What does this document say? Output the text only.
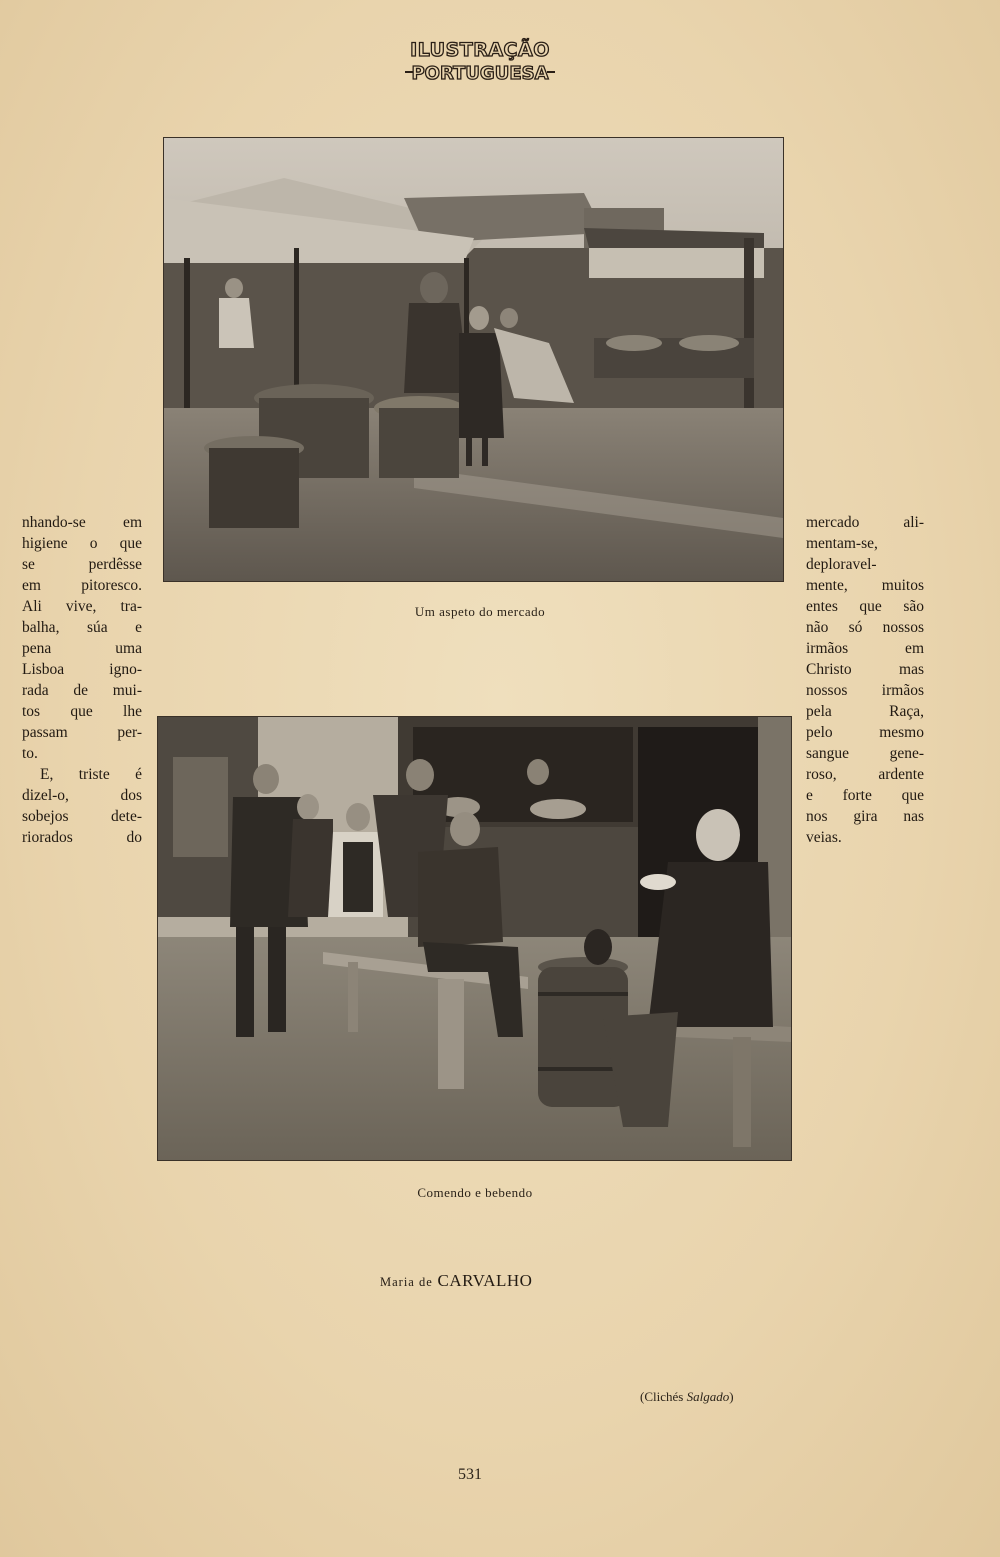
ILUSTRAÇÃO
PORTUGUESA
Um aspeto do mercado
Comendo e bebendo
nhando-se em
higiene o que
se perdêsse
em pitoresco.
Ali vive, tra-
balha, súa e
pena uma
Lisboa igno-
rada de mui-
tos que lhe
passam per-
to.
E, triste é
dizel-o, dos
sobejos dete-
riorados do
mercado ali-
mentam-se,
deploravel-
mente, muitos
entes que são
não só nossos
irmãos em
Christo mas
nossos irmãos
pela Raça,
pelo mesmo
sangue gene-
roso, ardente
e forte que
nos gira nas
veias.
Maria de CARVALHO
(Clichés Salgado)
531
